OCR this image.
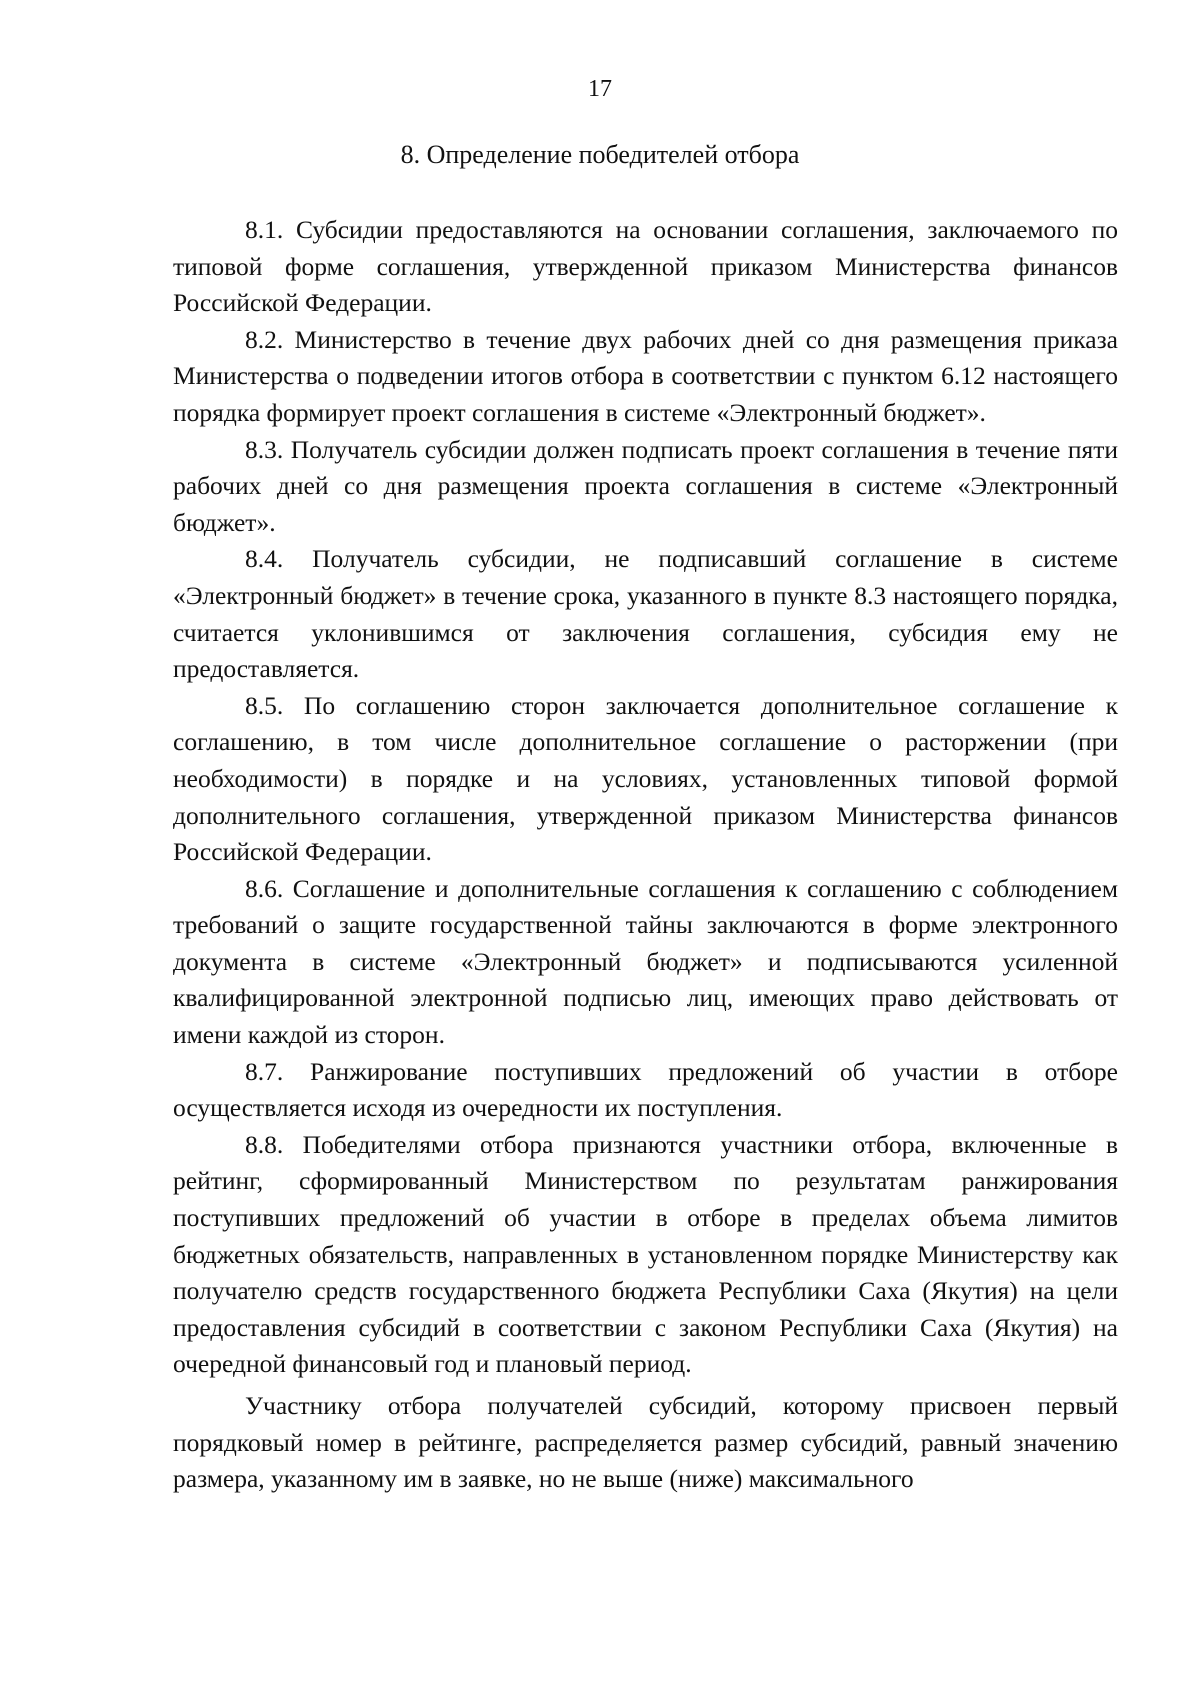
17
8. Определение победителей отбора

8.1. Субсидии предоставляются на основании соглашения, заключаемого по типовой форме соглашения, утвержденной приказом Министерства финансов Российской Федерации.

8.2. Министерство в течение двух рабочих дней со дня размещения приказа Министерства о подведении итогов отбора в соответствии с пунктом 6.12 настоящего порядка формирует проект соглашения в системе «Электронный бюджет».

8.3. Получатель субсидии должен подписать проект соглашения в течение пяти рабочих дней со дня размещения проекта соглашения в системе «Электронный бюджет».

8.4. Получатель субсидии, не подписавший соглашение в системе «Электронный бюджет» в течение срока, указанного в пункте 8.3 настоящего порядка, считается уклонившимся от заключения соглашения, субсидия ему не предоставляется.

8.5. По соглашению сторон заключается дополнительное соглашение к соглашению, в том числе дополнительное соглашение о расторжении (при необходимости) в порядке и на условиях, установленных типовой формой дополнительного соглашения, утвержденной приказом Министерства финансов Российской Федерации.

8.6. Соглашение и дополнительные соглашения к соглашению с соблюдением требований о защите государственной тайны заключаются в форме электронного документа в системе «Электронный бюджет» и подписываются усиленной квалифицированной электронной подписью лиц, имеющих право действовать от имени каждой из сторон.

8.7. Ранжирование поступивших предложений об участии в отборе осуществляется исходя из очередности их поступления.

8.8. Победителями отбора признаются участники отбора, включенные в рейтинг, сформированный Министерством по результатам ранжирования поступивших предложений об участии в отборе в пределах объема лимитов бюджетных обязательств, направленных в установленном порядке Министерству как получателю средств государственного бюджета Республики Саха (Якутия) на цели предоставления субсидий в соответствии с законом Республики Саха (Якутия) на очередной финансовый год и плановый период.

Участнику отбора получателей субсидий, которому присвоен первый порядковый номер в рейтинге, распределяется размер субсидий, равный значению размера, указанному им в заявке, но не выше (ниже) максимального
